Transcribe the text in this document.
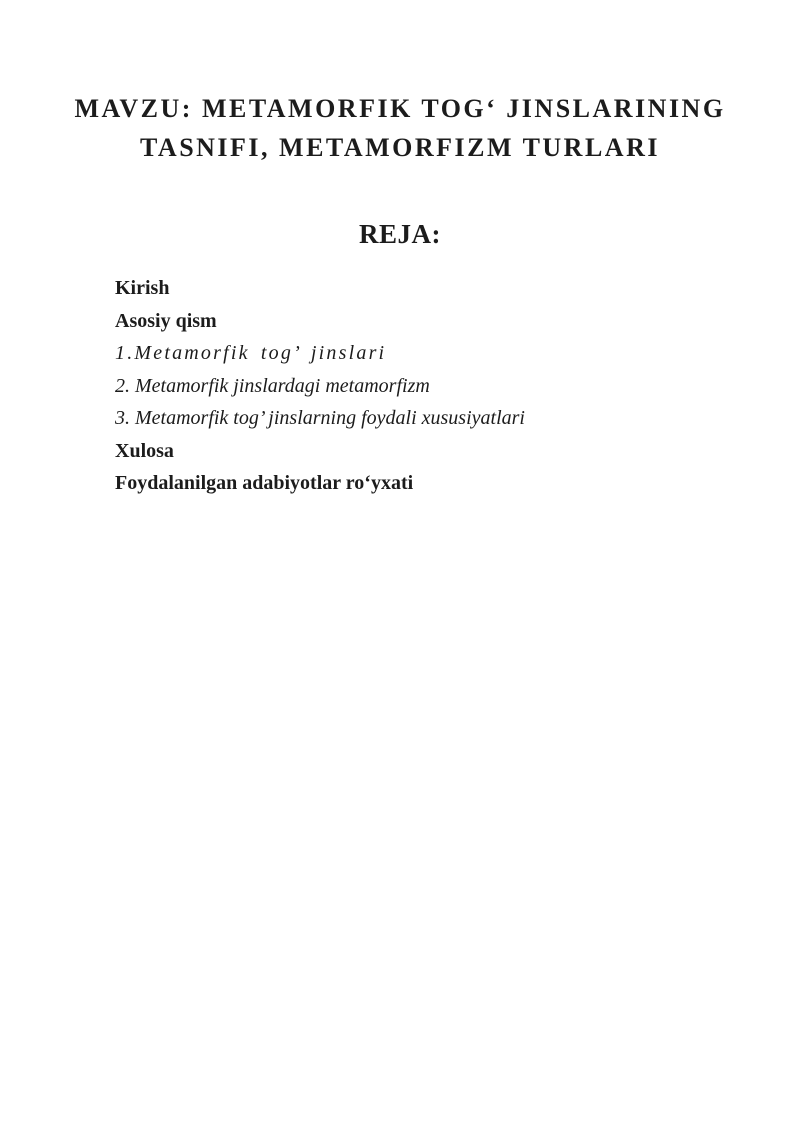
MAVZU: METAMORFIK TOG‘ JINSLARINING
TASNIFI, METAMORFIZM TURLARI
REJA:

Kirish

Asosiy qism

1.Metamorfik tog’ jinslari

2. Metamorfik jinslardagi metamorfizm

3. Metamorfik tog’ jinslarning foydali xususiyatlari

Xulosa

Foydalanilgan adabiyotlar ro‘yxati
